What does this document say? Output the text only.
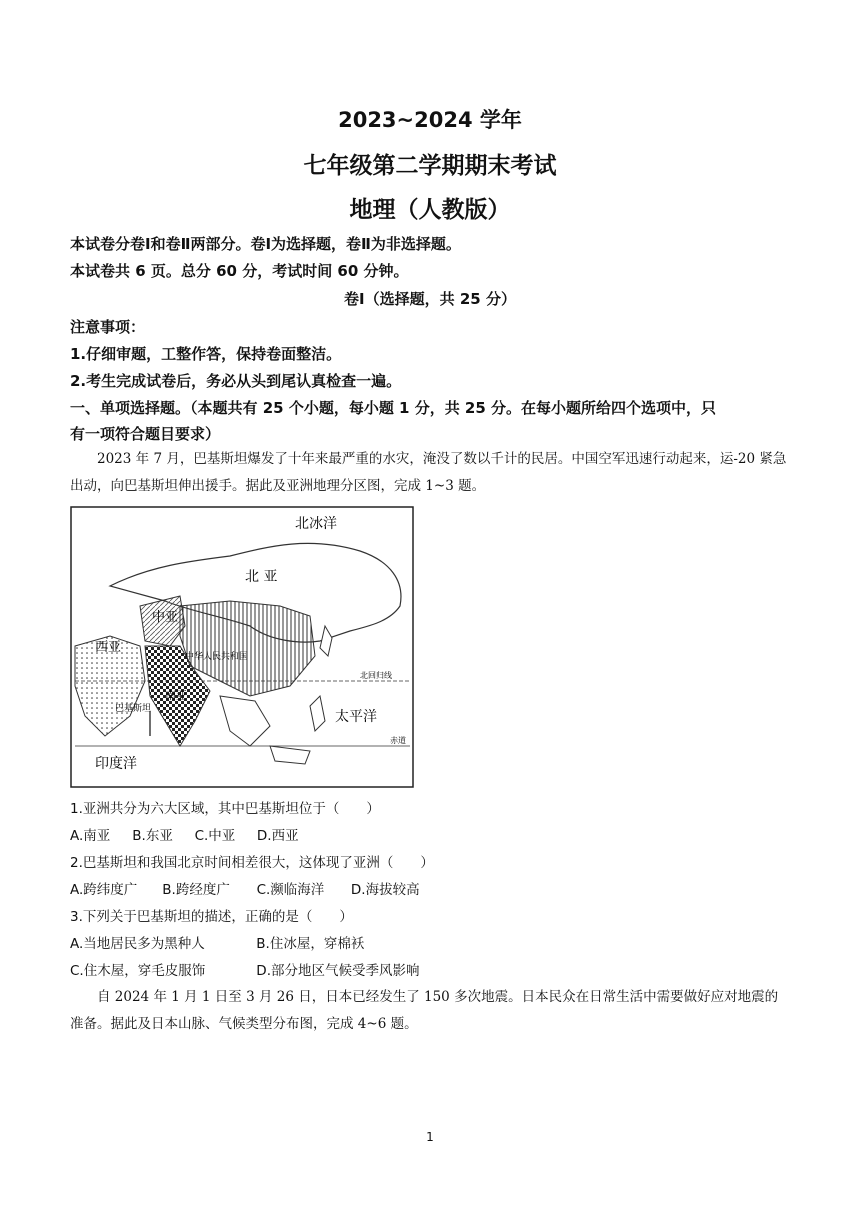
2023~2024 学年
七年级第二学期期末考试
地理（人教版）
本试卷分卷Ⅰ和卷Ⅱ两部分。卷Ⅰ为选择题，卷Ⅱ为非选择题。
本试卷共 6 页。总分 60 分，考试时间 60 分钟。
卷Ⅰ（选择题，共 25 分）
注意事项：
1.仔细审题，工整作答，保持卷面整洁。
2.考生完成试卷后，务必从头到尾认真检查一遍。
一、单项选择题。（本题共有 25 个小题，每小题 1 分，共 25 分。在每小题所给四个选项中，只
有一项符合题目要求）
2023 年 7 月，巴基斯坦爆发了十年来最严重的水灾，淹没了数以千计的民居。中国空军迅速行动起来，运-20 紧急出动，向巴基斯坦伸出援手。据此及亚洲地理分区图，完成 1~3 题。
北冰洋
北 亚
中亚
西亚
中华人民共和国
南亚
巴基斯坦
北回归线
太平洋
印度洋
赤道
1.亚洲共分为六大区域，其中巴基斯坦位于（　　）
A.南亚 B.东亚 C.中亚 D.西亚
2.巴基斯坦和我国北京时间相差很大，这体现了亚洲（　　）
A.跨纬度广 B.跨经度广 C.濒临海洋 D.海拔较高
3.下列关于巴基斯坦的描述，正确的是（　　）
A.当地居民多为黑种人	B.住冰屋，穿棉袄
C.住木屋，穿毛皮服饰	D.部分地区气候受季风影响
自 2024 年 1 月 1 日至 3 月 26 日，日本已经发生了 150 多次地震。日本民众在日常生活中需要做好应对地震的准备。据此及日本山脉、气候类型分布图，完成 4~6 题。
1
